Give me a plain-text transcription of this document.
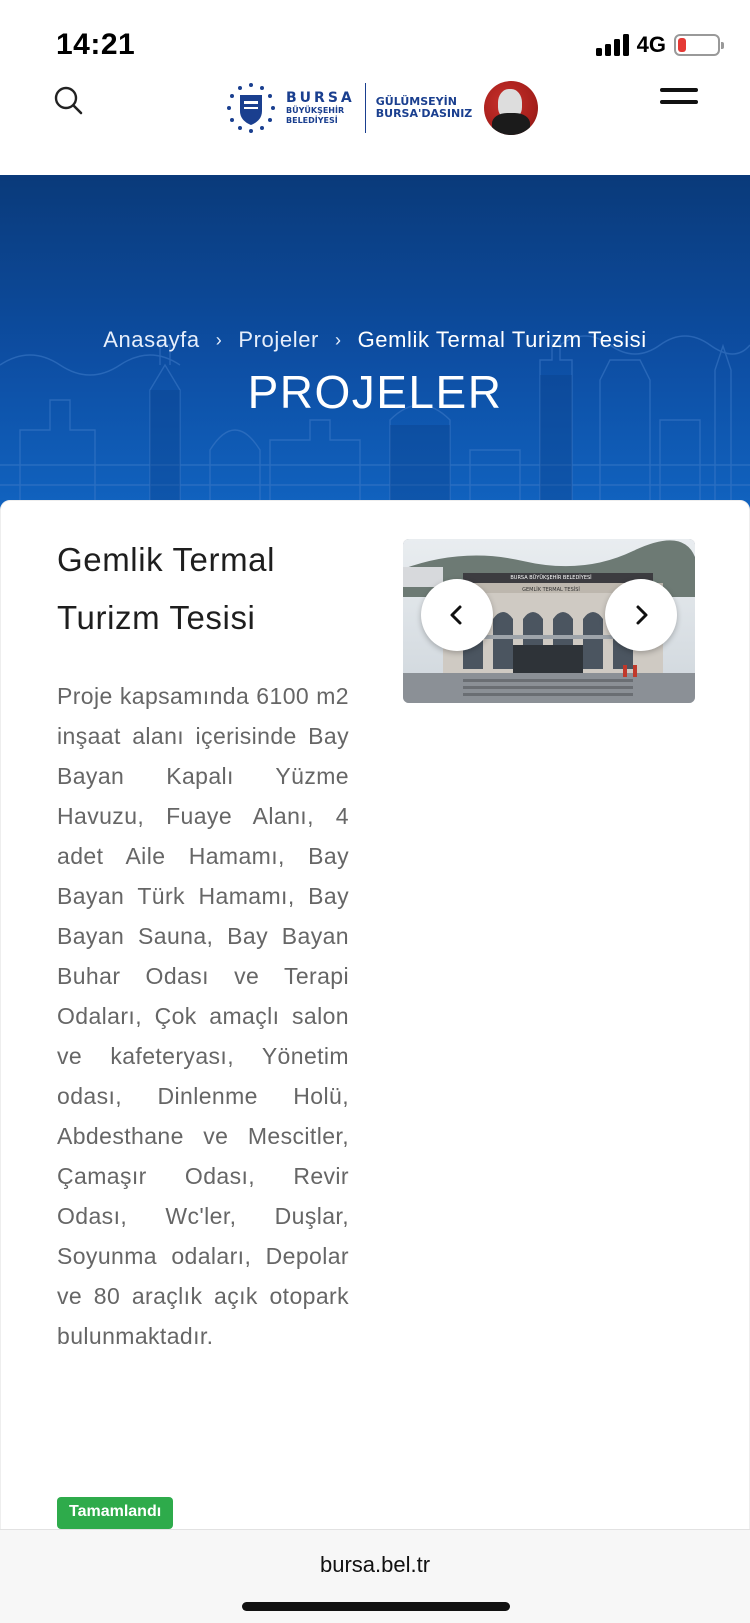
14:21	4G
BURSA
BÜYÜKŞEHİR
BELEDİYESİ
GÜLÜMSEYİN
BURSA'DASINIZ
Anasayfa › Projeler › Gemlik Termal Turizm Tesisi
PROJELER
Gemlik Termal Turizm Tesisi

Proje kapsamında 6100 m2 inşaat alanı içerisinde Bay Bayan Kapalı Yüzme Havuzu, Fuaye Alanı, 4 adet Aile Hamamı, Bay Bayan Türk Hamamı, Bay Bayan Sauna, Bay Bayan Buhar Odası ve Terapi Odaları, Çok amaçlı salon ve kafeteryası, Yönetim odası, Dinlenme Holü, Abdesthane ve Mescitler, Çamaşır Odası, Revir Odası, Wc'ler, Duşlar, Soyunma odaları, Depolar ve 80 araçlık açık otopark bulunmaktadır.

BURSA BÜYÜKŞEHİR BELEDİYESİ
GEMLİK TERMAL TESİSİ
Tamamlandı
bursa.bel.tr
